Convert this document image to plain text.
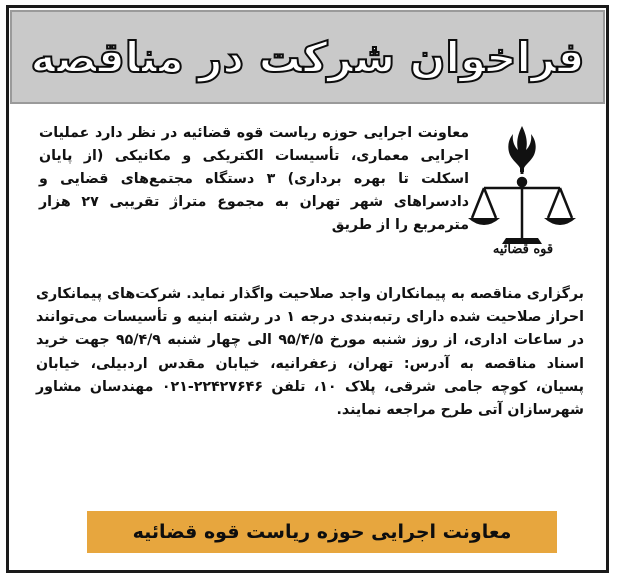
فراخوان شرکت در مناقصه
قوه قضائیه
معاونت اجرایی حوزه ریاست قوه قضائیه در نظر دارد عملیات اجرایی معماری، تأسیسات الکتریکی و مکانیکی (از پایان اسکلت تا بهره برداری) ۳ دستگاه مجتمع‌های قضایی و دادسراهای شهر تهران به مجموع متراژ تقریبی ۲۷ هزار مترمربع را از طریق
برگزاری مناقصه به پیمانکاران واجد صلاحیت واگذار نماید. شرکت‌های پیمانکاری احراز صلاحیت شده دارای رتبه‌بندی درجه ۱ در رشته ابنیه و تأسیسات می‌توانند در ساعات اداری، از روز شنبه مورخ ۹۵/۴/۵ الی چهار شنبه ۹۵/۴/۹ جهت خرید اسناد مناقصه به آدرس: تهران، زعفرانیه، خیابان مقدس اردبیلی، خیابان پسیان، کوچه جامی شرقی، پلاک ۱۰، تلفن ۲۲۴۲۷۶۴۶-۰۲۱ مهندسان مشاور شهرسازان آتی طرح مراجعه نمایند.
معاونت اجرایی حوزه ریاست قوه قضائیه
